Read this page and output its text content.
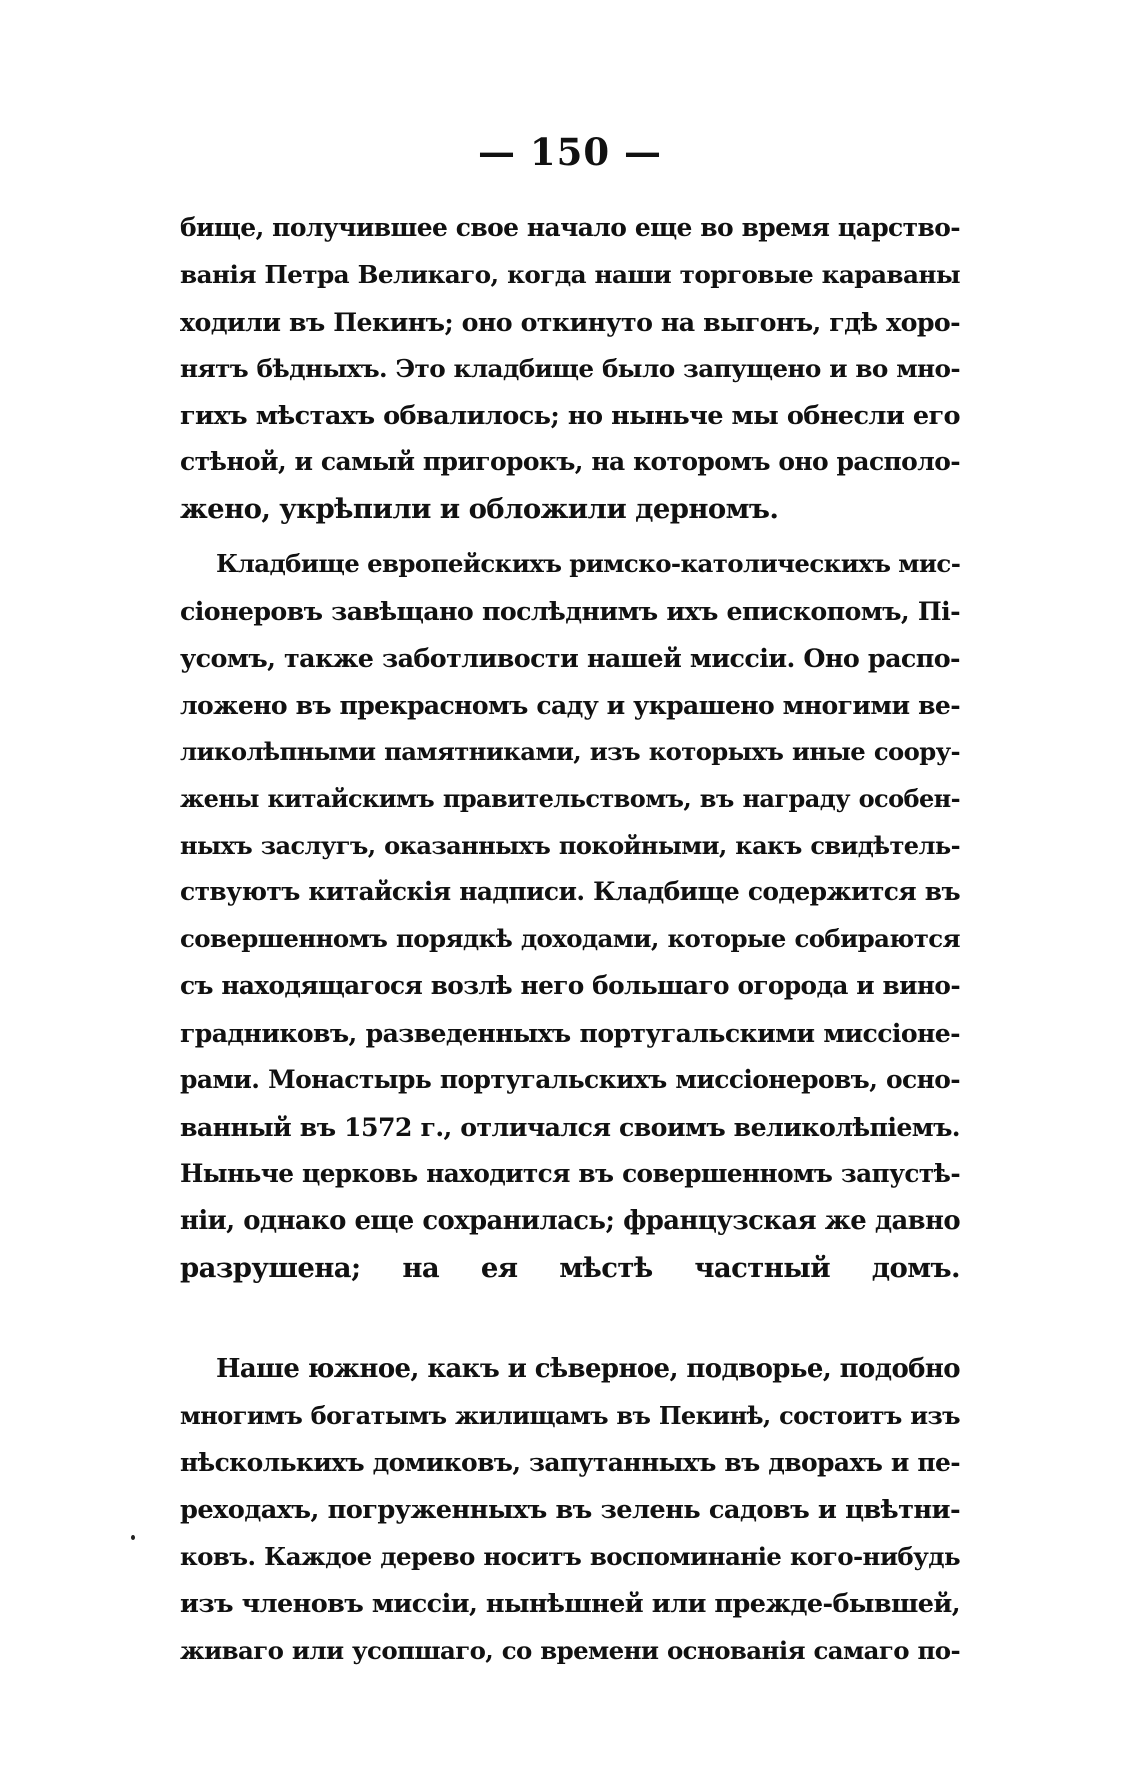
— 150 —
бище, получившее свое начало еще во время царство-
ванія Петра Великаго, когда наши торговые караваны
ходили въ Пекинъ; оно откинуто на выгонъ, гдѣ хоро-
нятъ бѣдныхъ. Это кладбище было запущено и во мно-
гихъ мѣстахъ обвалилось; но ныньче мы обнесли его
стѣной, и самый пригорокъ, на которомъ оно располо-
жено, укрѣпили и обложили дерномъ.
Кладбище европейскихъ римско-католическихъ мис-
сіонеровъ завѣщано послѣднимъ ихъ епископомъ, Пі-
усомъ, также заботливости нашей миссіи. Оно распо-
ложено въ прекрасномъ саду и украшено многими ве-
ликолѣпными памятниками, изъ которыхъ иные соору-
жены китайскимъ правительствомъ, въ награду особен-
ныхъ заслугъ, оказанныхъ покойными, какъ свидѣтель-
ствуютъ китайскія надписи. Кладбище содержится въ
совершенномъ порядкѣ доходами, которые собираются
съ находящагося возлѣ него большаго огорода и вино-
градниковъ, разведенныхъ португальскими миссіоне-
рами. Монастырь португальскихъ миссіонеровъ, осно-
ванный въ 1572 г., отличался своимъ великолѣпіемъ.
Ныньче церковь находится въ совершенномъ запустѣ-
ніи, однако еще сохранилась; французская же давно
разрушена; на ея мѣстѣ частный домъ.
Наше южное, какъ и сѣверное, подворье, подобно
многимъ богатымъ жилищамъ въ Пекинѣ, состоитъ изъ
нѣсколькихъ домиковъ, запутанныхъ въ дворахъ и пе-
реходахъ, погруженныхъ въ зелень садовъ и цвѣтни-
ковъ. Каждое дерево носитъ воспоминаніе кого-нибудь
изъ членовъ миссіи, нынѣшней или прежде-бывшей,
живаго или усопшаго, со времени основанія самаго по-
